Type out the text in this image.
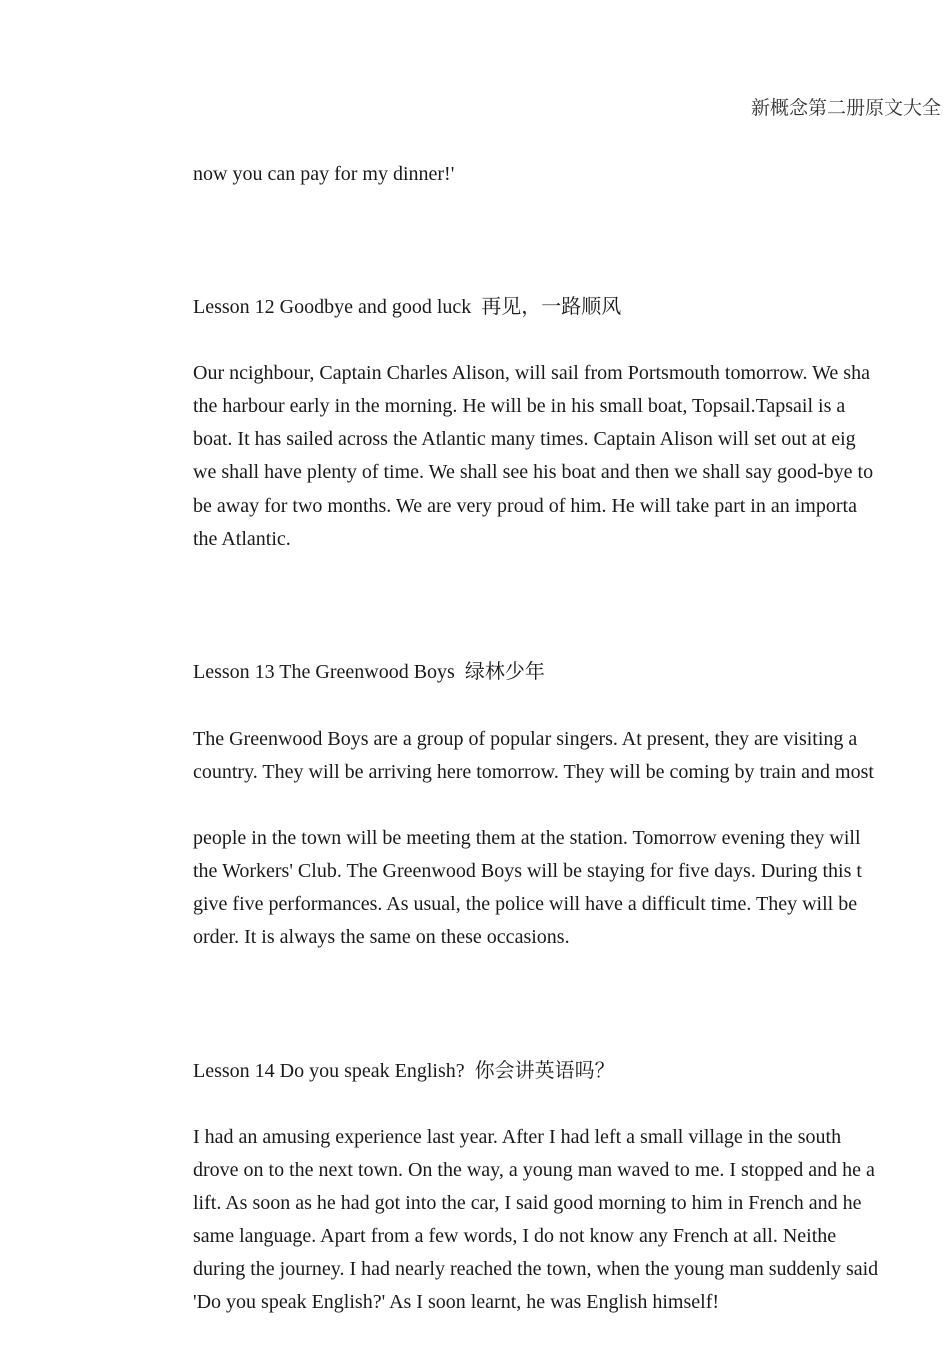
新概念第二册原文大全
now you can pay for my dinner!'
Lesson 12 Goodbye and good luck 再见，一路顺风
Our ncighbour, Captain Charles Alison, will sail from Portsmouth tomorrow. We sha
the harbour early in the morning. He will be in his small boat, Topsail.Tapsail is a
boat. It has sailed across the Atlantic many times. Captain Alison will set out at eig
we shall have plenty of time. We shall see his boat and then we shall say good-bye to
be away for two months. We are very proud of him. He will take part in an importa
the Atlantic.
Lesson 13 The Greenwood Boys 绿林少年
The Greenwood Boys are a group of popular singers. At present, they are visiting a
country. They will be arriving here tomorrow. They will be coming by train and most
people in the town will be meeting them at the station. Tomorrow evening they will
the Workers' Club. The Greenwood Boys will be staying for five days. During this t
give five performances. As usual, the police will have a difficult time. They will be
order. It is always the same on these occasions.
Lesson 14 Do you speak English? 你会讲英语吗？
I had an amusing experience last year. After I had left a small village in the south
drove on to the next town. On the way, a young man waved to me. I stopped and he a
lift. As soon as he had got into the car, I said good morning to him in French and he
same language. Apart from a few words, I do not know any French at all. Neithe
during the journey. I had nearly reached the town, when the young man suddenly said
'Do you speak English?' As I soon learnt, he was English himself!
